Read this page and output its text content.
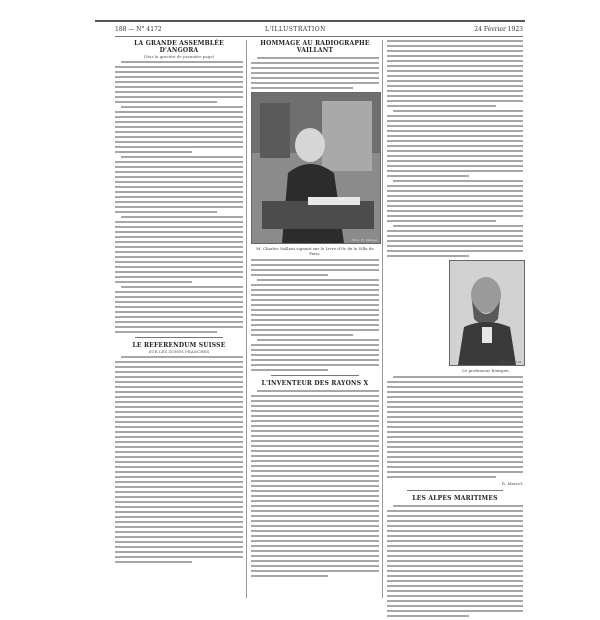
188 — N° 4172	L'ILLUSTRATION	24 Février 1923
LA GRANDE ASSEMBLÉE D'ANGORA
(Voir la gravure de première page)
LE REFERENDUM SUISSE
SUR LES ZONES FRANCHES
HOMMAGE AU RADIOGRAPHE VAILLANT
Phot. H. Manuel.
M. Charles Vaillant signant sur le Livre d'Or de la Ville de Paris.
L'INVENTEUR DES RAYONS X
Phot. Henri M.
Le professeur Röntgen.
R. Marcel.
LES ALPES MARITIMES
